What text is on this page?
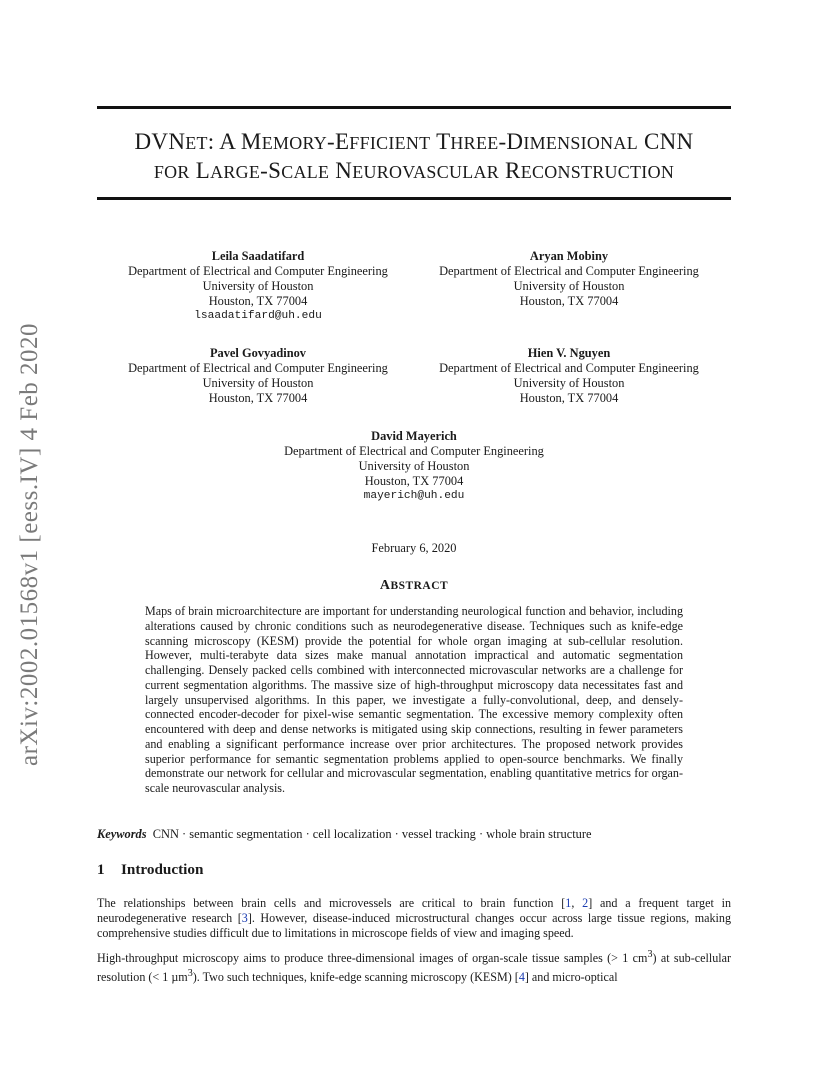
arXiv:2002.01568v1 [eess.IV] 4 Feb 2020
DVNET: A MEMORY-EFFICIENT THREE-DIMENSIONAL CNN
FOR LARGE-SCALE NEUROVASCULAR RECONSTRUCTION
Leila Saadatifard
Department of Electrical and Computer Engineering
University of Houston
Houston, TX 77004
lsaadatifard@uh.edu
Aryan Mobiny
Department of Electrical and Computer Engineering
University of Houston
Houston, TX 77004
Pavel Govyadinov
Department of Electrical and Computer Engineering
University of Houston
Houston, TX 77004
Hien V. Nguyen
Department of Electrical and Computer Engineering
University of Houston
Houston, TX 77004
David Mayerich
Department of Electrical and Computer Engineering
University of Houston
Houston, TX 77004
mayerich@uh.edu
February 6, 2020
ABSTRACT
Maps of brain microarchitecture are important for understanding neurological function and behavior, including alterations caused by chronic conditions such as neurodegenerative disease. Techniques such as knife-edge scanning microscopy (KESM) provide the potential for whole organ imaging at sub-cellular resolution. However, multi-terabyte data sizes make manual annotation impractical and automatic segmentation challenging. Densely packed cells combined with interconnected microvascular networks are a challenge for current segmentation algorithms. The massive size of high-throughput microscopy data necessitates fast and largely unsupervised algorithms. In this paper, we investigate a fully-convolutional, deep, and densely-connected encoder-decoder for pixel-wise semantic segmentation. The excessive memory complexity often encountered with deep and dense networks is mitigated using skip connections, resulting in fewer parameters and enabling a significant performance increase over prior architectures. The proposed network provides superior performance for semantic segmentation problems applied to open-source benchmarks. We finally demonstrate our network for cellular and microvascular segmentation, enabling quantitative metrics for organ-scale neurovascular analysis.
Keywords CNN · semantic segmentation · cell localization · vessel tracking · whole brain structure
1 Introduction
The relationships between brain cells and microvessels are critical to brain function [1, 2] and a frequent target in neurodegenerative research [3]. However, disease-induced microstructural changes occur across large tissue regions, making comprehensive studies difficult due to limitations in microscope fields of view and imaging speed.
High-throughput microscopy aims to produce three-dimensional images of organ-scale tissue samples (> 1 $cm^3$) at sub-cellular resolution (< 1 µm$^3$). Two such techniques, knife-edge scanning microscopy (KESM) [4] and micro-optical
